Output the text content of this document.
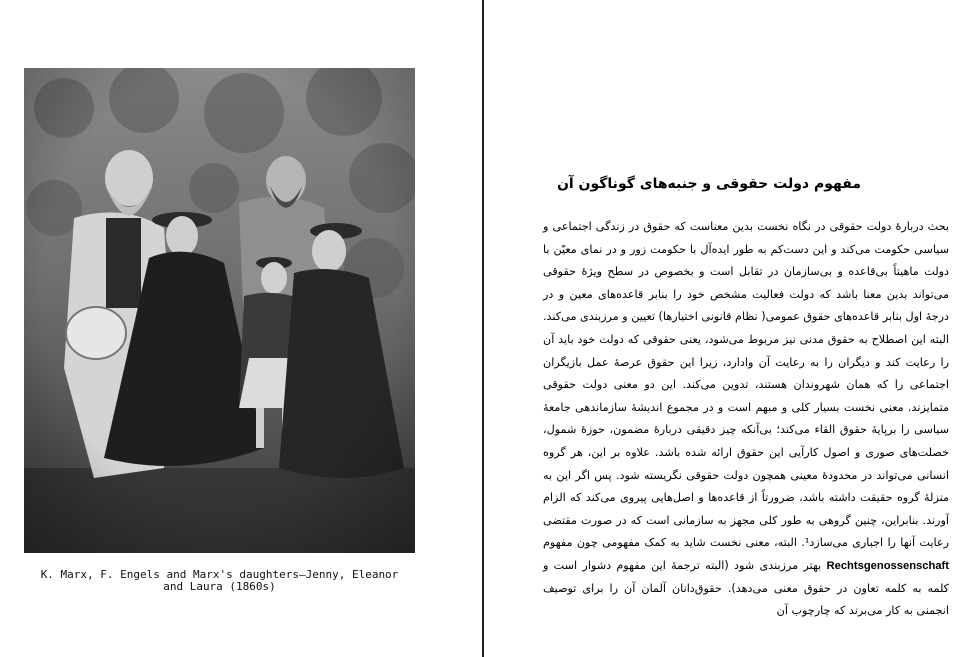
K. Marx, F. Engels and Marx's daughters—Jenny, Eleanor
and Laura (1860s)
مفهوم دولت حقوقی و جنبه‌های گوناگون آن

بحث دربارهٔ دولت حقوقی در نگاه نخست بدین معناست که حقوق در زندگی اجتماعی و سیاسی حکومت می‌کند و این دست‌کم به طور ایده‌آل با حکومت زور و در نمای معیّن با دولت ماهیتاً بی‌قاعده و بی‌سازمان در تقابل است و بخصوص در سطح ویژهٔ حقوقی می‌تواند بدین معنا باشد که دولت فعالیت مشخص خود را بنابر قاعده‌های معین و در درجهٔ اول بنابر قاعده‌های حقوق عمومی( نظام قانونی اختیارها) تعیین و مرزبندی می‌کند. البته این اصطلاح به حقوق مدنی نیز مربوط می‌شود، یعنی حقوقی که دولت خود باید آن را رعایت کند و دیگران را به رعایت آن وادارد، زیرا این حقوق عرصهٔ عمل بازیگران اجتماعی را که همان شهروندان هستند، تدوین می‌کند. این دو معنی دولت حقوقی متمایزند. معنی نخست بسیار کلی و مبهم است و در مجموع اندیشهٔ سازماندهی جامعهٔ سیاسی را برپایهٔ حقوق القاء می‌کند؛ بی‌آنکه چیز دقیقی دربارهٔ مضمون، حوزهٔ شمول، خصلت‌های صوری و اصول کارآیی این حقوق ارائه شده باشد. علاوه بر این، هر گروه انسانی می‌تواند در محدودهٔ معینی همچون دولت حقوقی نگریسته شود. پس اگر این به منزلهٔ گروه حقیقت داشته باشد، ضرورتاً از قاعده‌ها و اصل‌هایی پیروی می‌کند که الزام آورند. بنابراین، چنین گروهی به طور کلی مجهز به سازمانی است که در صورت مقتضی رعایت آنها را اجباری می‌سازد¹. البته، معنی نخست شاید به کمک مفهومی چون مفهوم Rechtsgenossenschaft بهتر مرزبندی شود (البته ترجمهٔ این مفهوم دشوار است و کلمه به کلمه تعاون در حقوق معنی می‌دهد). حقوق‌دانان آلمان آن را برای توصیف انجمنی به کار می‌برند که چارچوب آن
